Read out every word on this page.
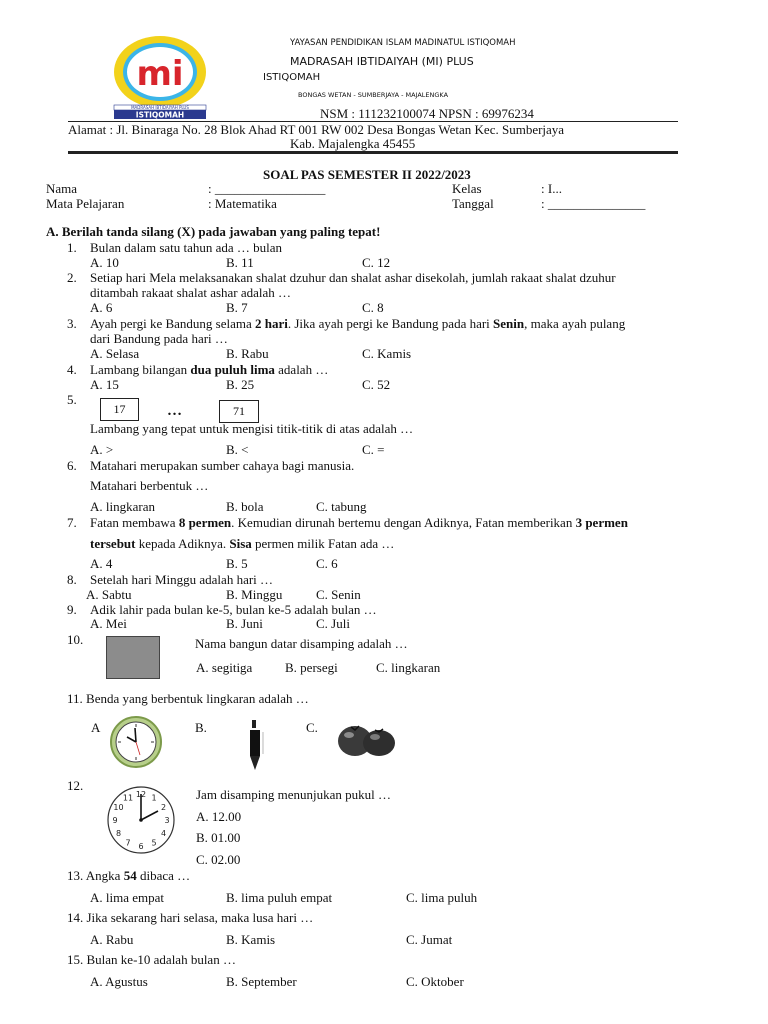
mi
MADRASAH IBTIDAIYAH PLUS
ISTIQOMAH
YAYASAN PENDIDIKAN ISLAM MADINATUL ISTIQOMAH
MADRASAH IBTIDAIYAH (MI) PLUS
ISTIQOMAH
BONGAS WETAN - SUMBERJAYA - MAJALENGKA
NSM : 111232100074 NPSN : 69976234
Alamat : Jl. Binaraga No. 28 Blok Ahad RT 001 RW 002 Desa Bongas Wetan Kec. Sumberjaya
Kab. Majalengka 45455
SOAL PAS SEMESTER II 2022/2023
Nama	: _________________	Kelas	: I...
Mata Pelajaran	: Matematika	Tanggal	: _______________
A. Berilah tanda silang (X) pada jawaban yang paling tepat!
1. Bulan dalam satu tahun ada … bulan
A. 10	B. 11	C. 12
2. Setiap hari Mela melaksanakan shalat dzuhur dan shalat ashar disekolah, jumlah rakaat shalat dzuhur
ditambah rakaat shalat ashar adalah …
A. 6	B. 7	C. 8
3. Ayah pergi ke Bandung selama 2 hari. Jika ayah pergi ke Bandung pada hari Senin, maka ayah pulang
dari Bandung pada hari …
A. Selasa	B. Rabu	C. Kamis
4. Lambang bilangan dua puluh lima adalah …
A. 15	B. 25	C. 52
5.
17	…	71
Lambang yang tepat untuk mengisi titik-titik di atas adalah …
A. >	B. <	C. =
6. Matahari merupakan sumber cahaya bagi manusia.
Matahari berbentuk …
A. lingkaran	B. bola	C. tabung
7. Fatan membawa 8 permen. Kemudian dirunah bertemu dengan Adiknya, Fatan memberikan 3 permen
tersebut kepada Adiknya. Sisa permen milik Fatan ada …
A. 4	B. 5	C. 6
8. Setelah hari Minggu adalah hari …
A. Sabtu	B. Minggu	C. Senin
9. Adik lahir pada bulan ke-5, bulan ke-5 adalah bulan …
A. Mei	B. Juni	C. Juli
10.	Nama bangun datar disamping adalah …
A. segitiga	B. persegi	C. lingkaran
11. Benda yang berbentuk lingkaran adalah …
A	B.	C.
12.
12 1
2
3
4
5
6
7
8
9
10
11	Jam disamping menunjukan pukul …
A. 12.00
B. 01.00
C. 02.00
13. Angka 54 dibaca …
A. lima empat	B. lima puluh empat	C. lima puluh
14. Jika sekarang hari selasa, maka lusa hari …
A. Rabu	B. Kamis	C. Jumat
15. Bulan ke-10 adalah bulan …
A. Agustus	B. September	C. Oktober
